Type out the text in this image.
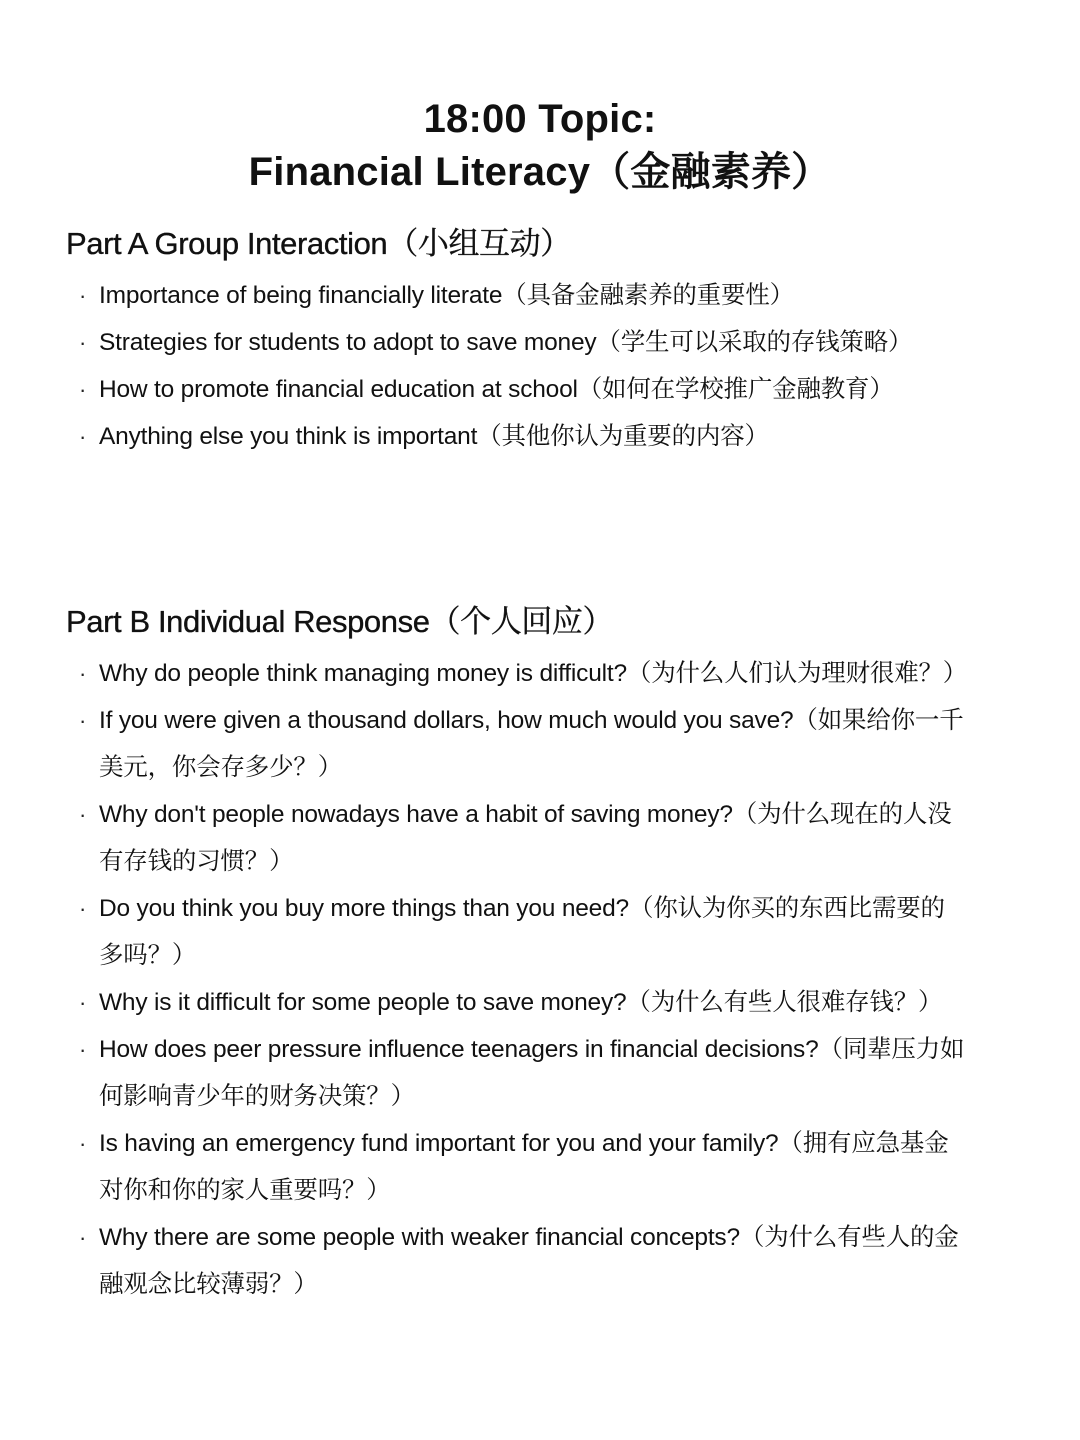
18:00 Topic:
Financial Literacy（金融素养）
Part A Group Interaction（小组互动）
· Importance of being financially literate（具备金融素养的重要性）
· Strategies for students to adopt to save money（学生可以采取的存钱策略）
· How to promote financial education at school（如何在学校推广金融教育）
· Anything else you think is important（其他你认为重要的内容）
Part B Individual Response（个人回应）
· Why do people think managing money is difficult?（为什么人们认为理财很难？）
· If you were given a thousand dollars, how much would you save?（如果给你一千美元，你会存多少？）
· Why don't people nowadays have a habit of saving money?（为什么现在的人没有存钱的习惯？）
· Do you think you buy more things than you need?（你认为你买的东西比需要的多吗？）
· Why is it difficult for some people to save money?（为什么有些人很难存钱？）
· How does peer pressure influence teenagers in financial decisions?（同辈压力如何影响青少年的财务决策？）
· Is having an emergency fund important for you and your family?（拥有应急基金对你和你的家人重要吗？）
· Why there are some people with weaker financial concepts?（为什么有些人的金融观念比较薄弱？）
